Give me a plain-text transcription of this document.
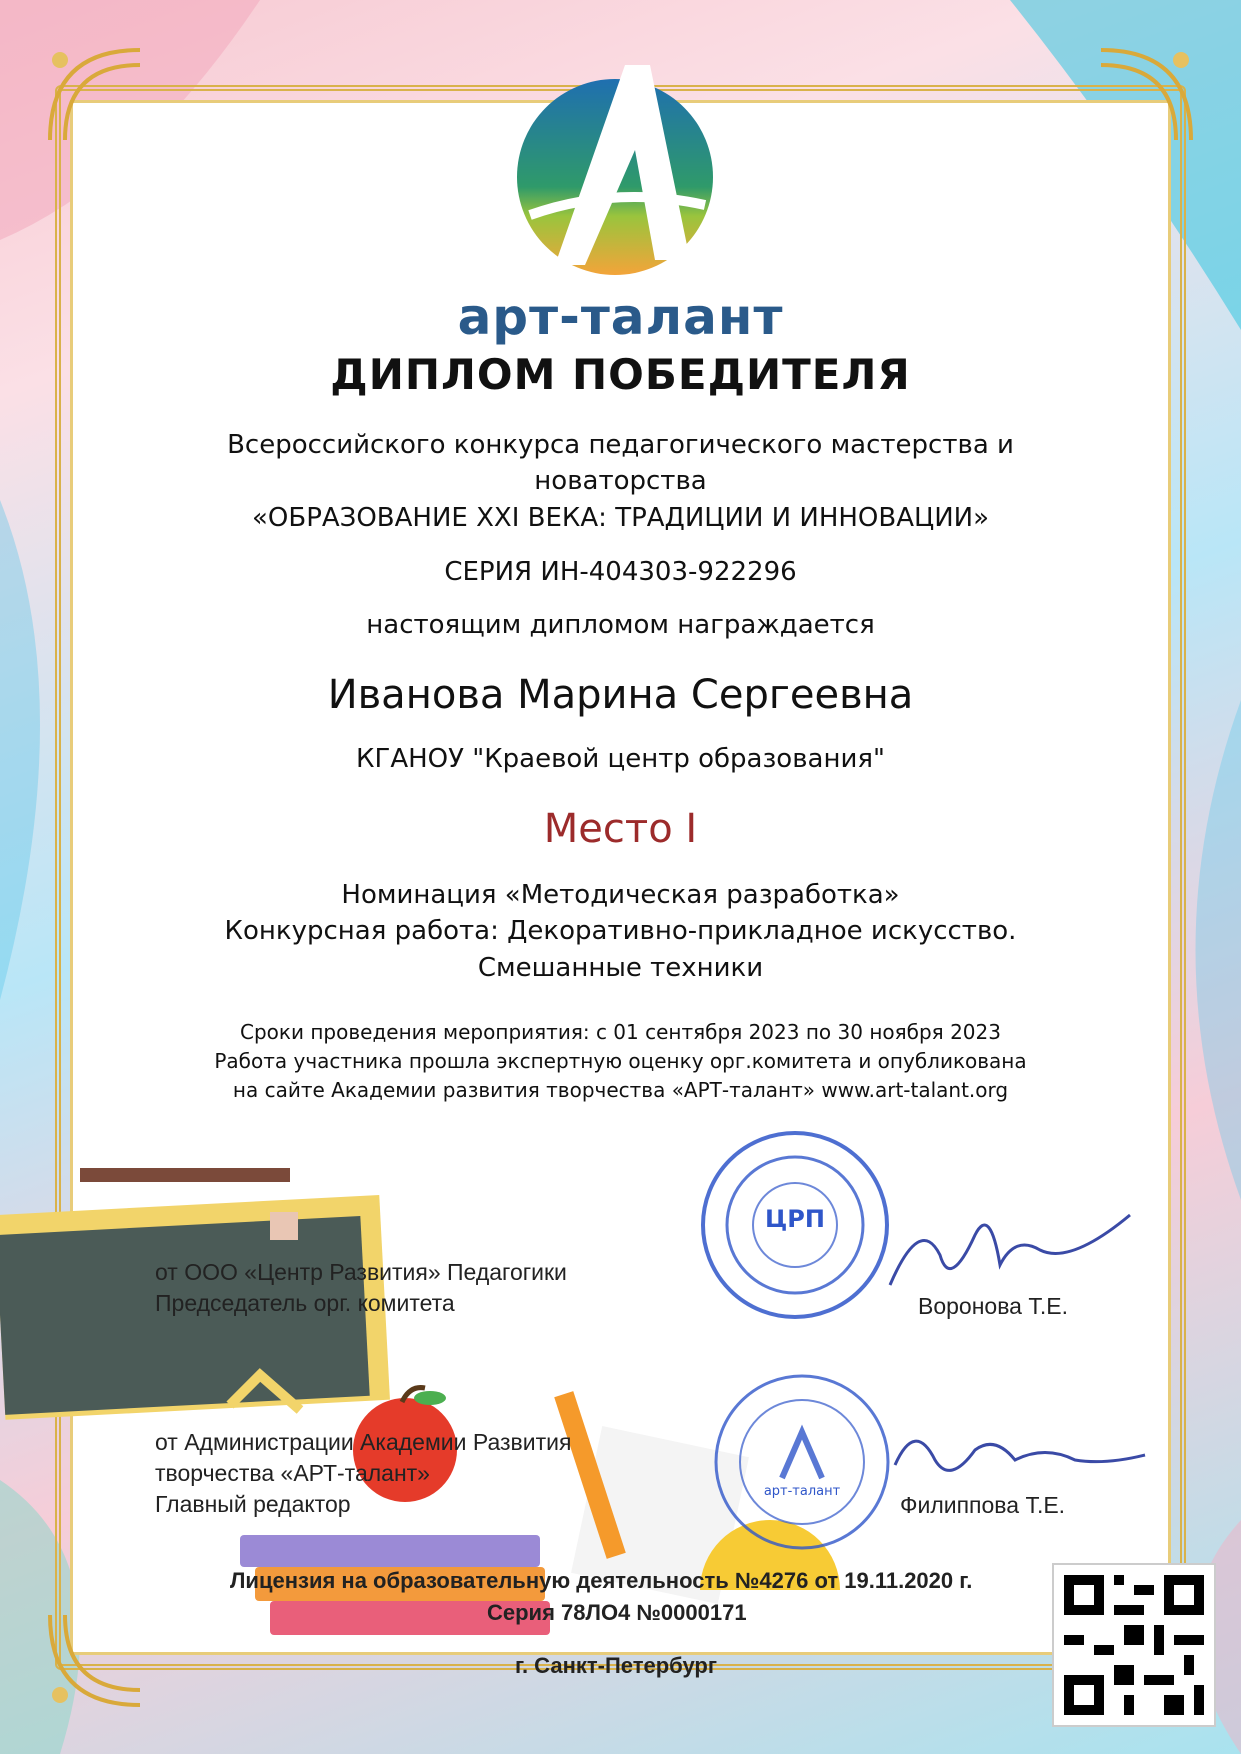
арт-талант
ДИПЛОМ ПОБЕДИТЕЛЯ
Всероссийского конкурса педагогического мастерства и
новаторства
«ОБРАЗОВАНИЕ XXI ВЕКА: ТРАДИЦИИ И ИННОВАЦИИ»
СЕРИЯ ИН-404303-922296
настоящим дипломом награждается
Иванова Марина Сергеевна
КГАНОУ "Краевой центр образования"
Место I
Номинация «Методическая разработка»
Конкурсная работа: Декоративно-прикладное искусство.
Смешанные техники
Сроки проведения мероприятия: с 01 сентября 2023 по 30 ноября 2023
Работа участника прошла экспертную оценку орг.комитета и опубликована
на сайте Академии развития творчества «АРТ-талант» www.art-talant.org
от ООО «Центр Развития» Педагогики
Председатель орг. комитета	Воронова Т.Е.
ЦРП
от Администрации Академии Развития
творчества «АРТ-талант»
Главный редактор	Филиппова Т.Е.
арт-талант
Лицензия на образовательную деятельность №4276 от 19.11.2020 г.
Серия 78ЛО4 №0000171
г. Санкт-Петербург
